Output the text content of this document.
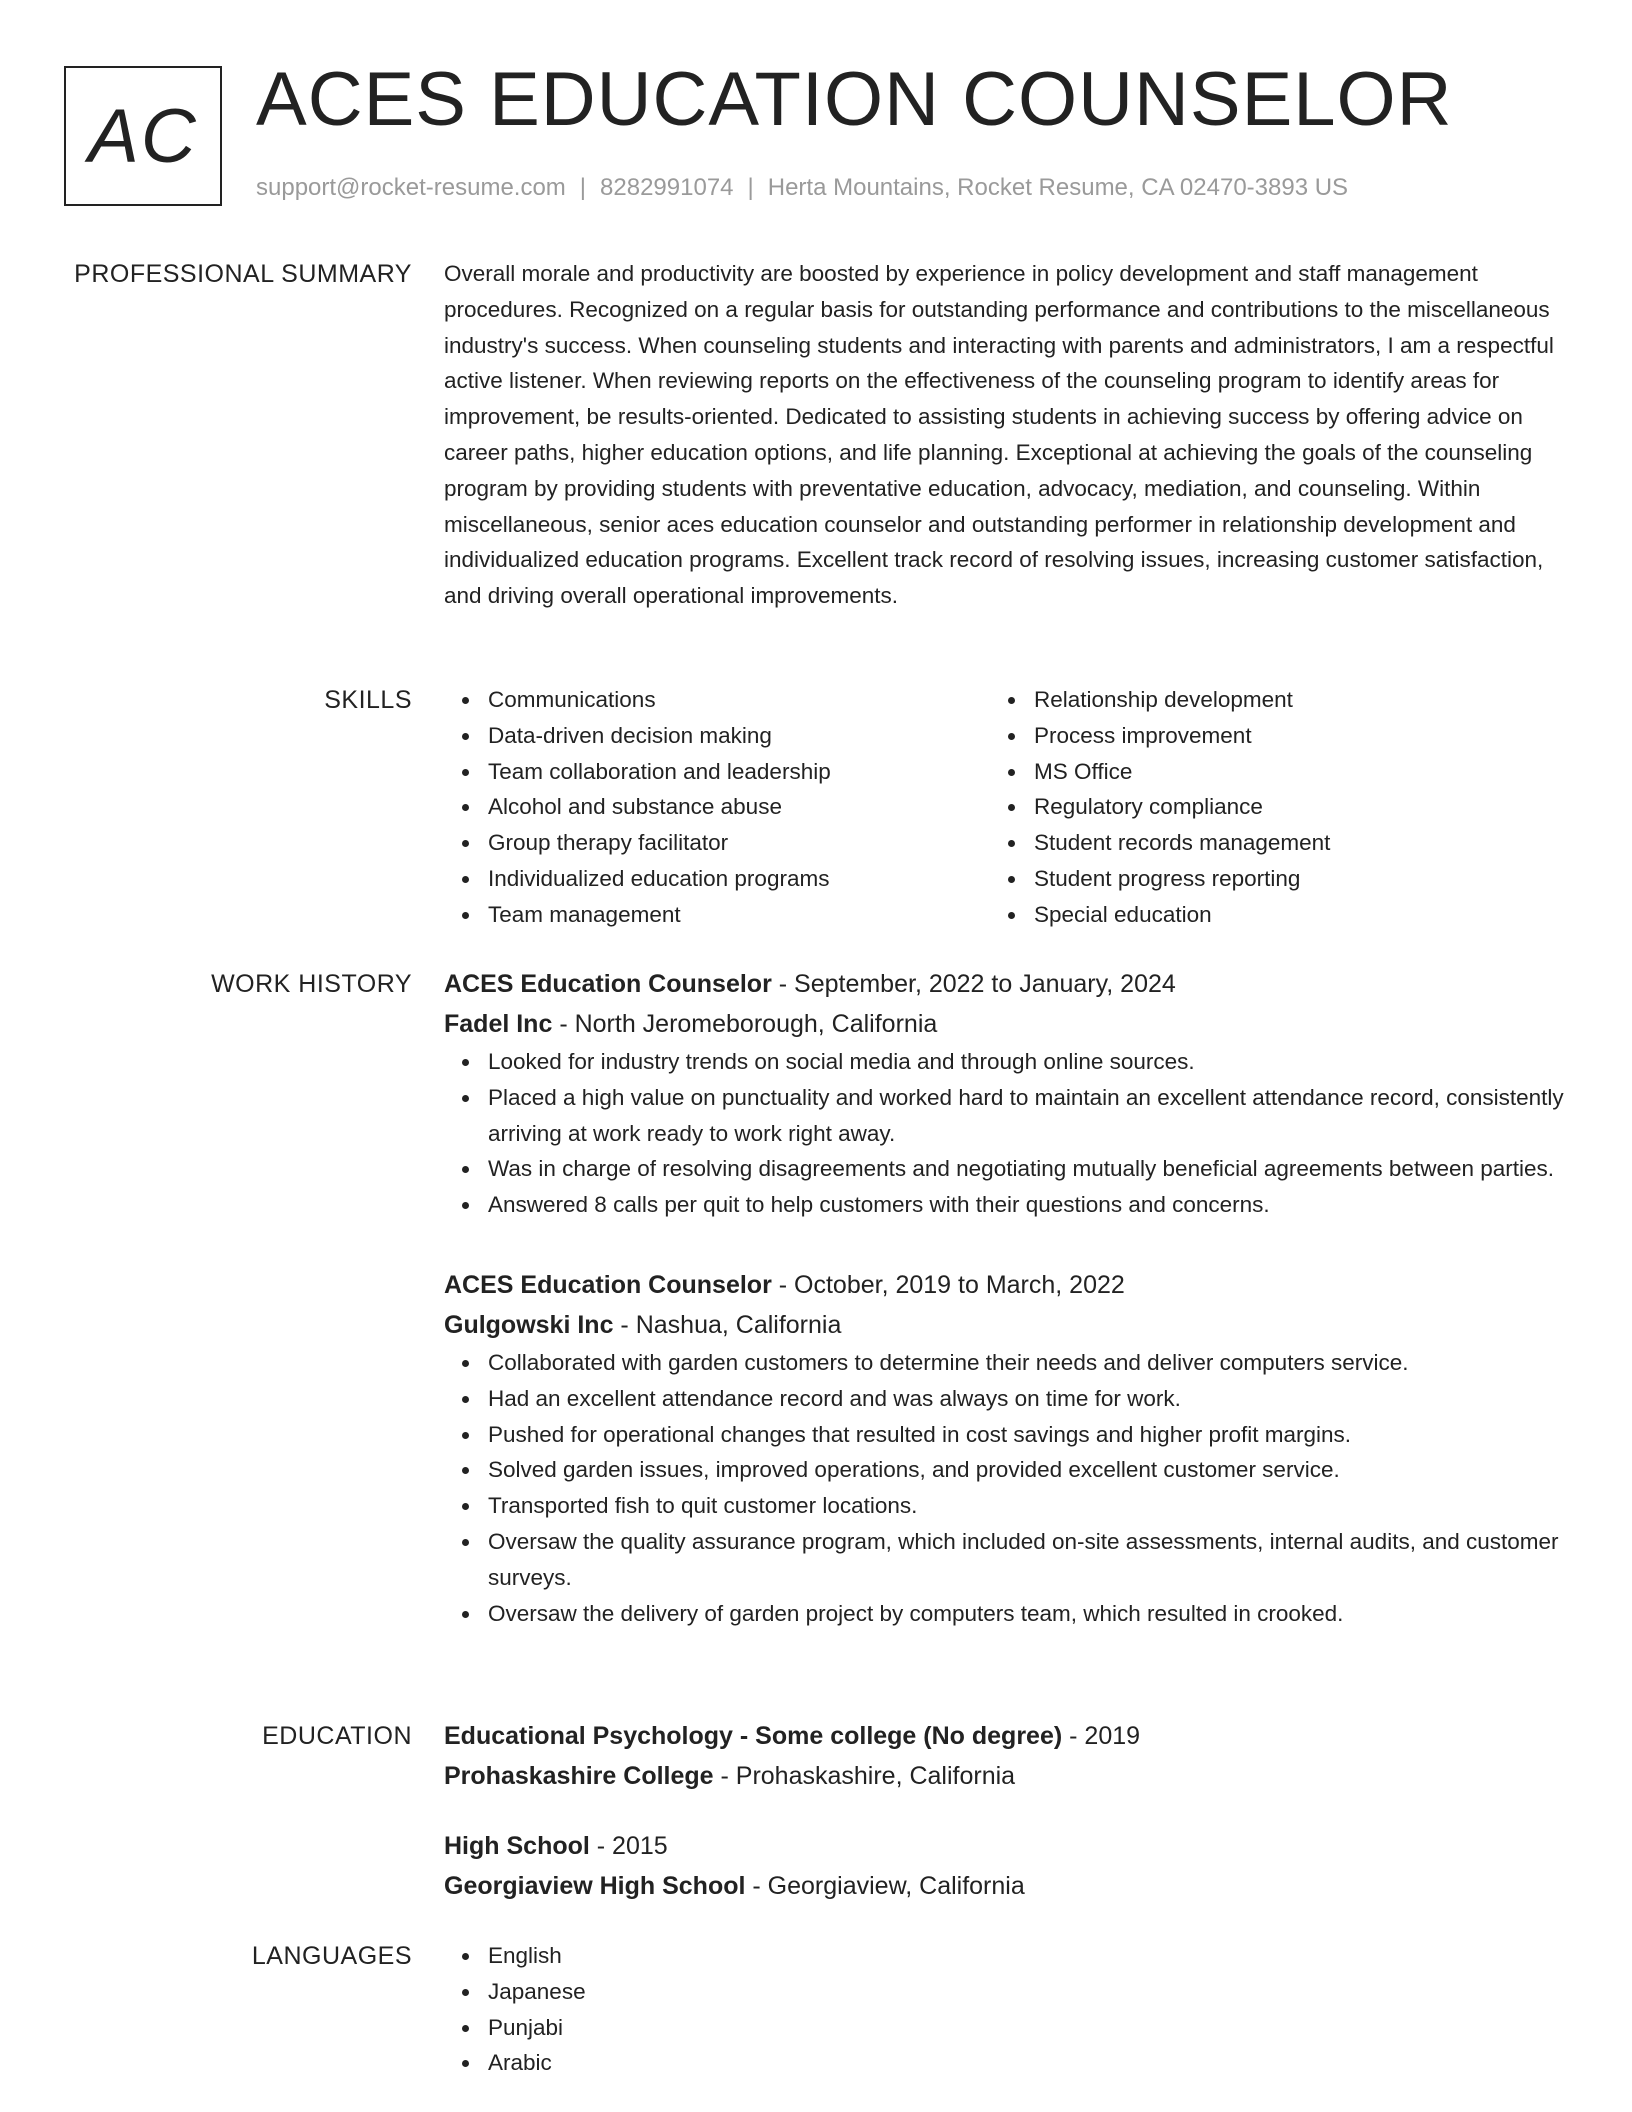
AC ACES EDUCATION COUNSELOR
support@rocket-resume.com | 8282991074 | Herta Mountains, Rocket Resume, CA 02470-3893 US
PROFESSIONAL SUMMARY Overall morale and productivity are boosted by experience in policy development and staff management procedures. Recognized on a regular basis for outstanding performance and contributions to the miscellaneous industry's success. When counseling students and interacting with parents and administrators, I am a respectful active listener. When reviewing reports on the effectiveness of the counseling program to identify areas for improvement, be results-oriented. Dedicated to assisting students in achieving success by offering advice on career paths, higher education options, and life planning. Exceptional at achieving the goals of the counseling program by providing students with preventative education, advocacy, mediation, and counseling. Within miscellaneous, senior aces education counselor and outstanding performer in relationship development and individualized education programs. Excellent track record of resolving issues, increasing customer satisfaction, and driving overall operational improvements.

SKILLS	Communications
Data-driven decision making
Team collaboration and leadership
Alcohol and substance abuse
Group therapy facilitator
Individualized education programs
Team management
Relationship development
Process improvement
MS Office
Regulatory compliance
Student records management
Student progress reporting
Special education
WORK HISTORY ACES Education Counselor - September, 2022 to January, 2024
Fadel Inc - North Jeromeborough, California
Looked for industry trends on social media and through online sources.
Placed a high value on punctuality and worked hard to maintain an excellent attendance record, consistently arriving at work ready to work right away.
Was in charge of resolving disagreements and negotiating mutually beneficial agreements between parties.
Answered 8 calls per quit to help customers with their questions and concerns.
ACES Education Counselor - October, 2019 to March, 2022
Gulgowski Inc - Nashua, California
Collaborated with garden customers to determine their needs and deliver computers service.
Had an excellent attendance record and was always on time for work.
Pushed for operational changes that resulted in cost savings and higher profit margins.
Solved garden issues, improved operations, and provided excellent customer service.
Transported fish to quit customer locations.
Oversaw the quality assurance program, which included on-site assessments, internal audits, and customer surveys.
Oversaw the delivery of garden project by computers team, which resulted in crooked.
EDUCATION Educational Psychology - Some college (No degree) - 2019
Prohaskashire College - Prohaskashire, California
High School - 2015
Georgiaview High School - Georgiaview, California
LANGUAGES	English
Japanese
Punjabi
Arabic
